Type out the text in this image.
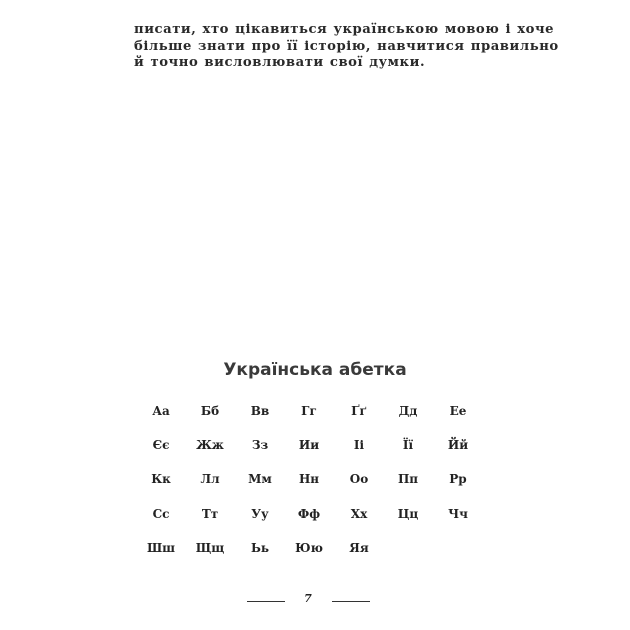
писати, хто цікавиться українською мовою і хоче
більше знати про її історію, навчитися правильно
й точно висловлювати свої думки.
Українська абетка
Аа	Бб	Вв	Гг	Ґґ	Дд	Ее
Єє	Жж	Зз	Ии	Іі	Її	Йй
Кк	Лл	Мм	Нн	Оо	Пп	Рр
Сс	Тт	Уу	Фф	Хх	Цц	Чч
Шш	Щщ	Ьь	Юю	Яя
7
